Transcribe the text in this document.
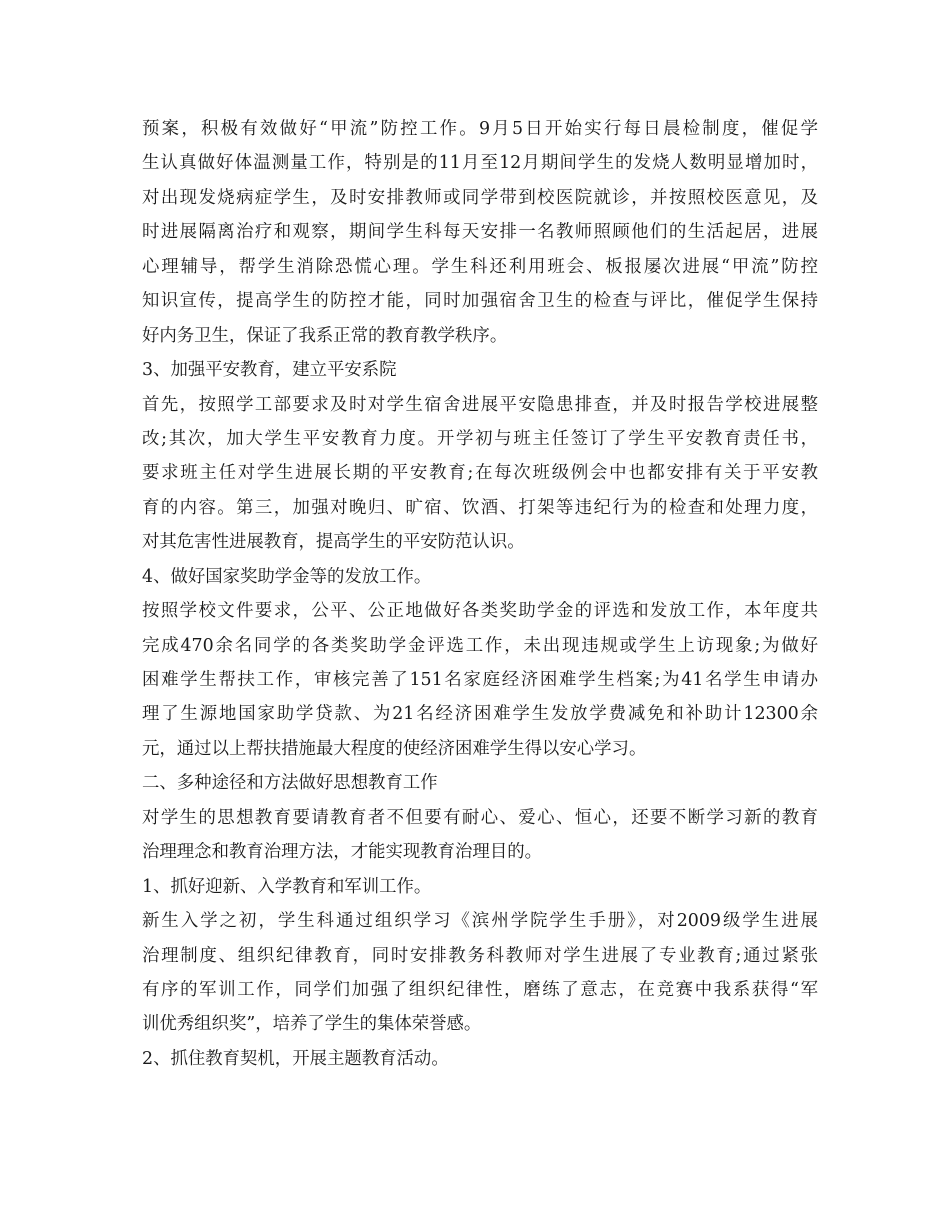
预案，积极有效做好“甲流”防控工作。9月5日开始实行每日晨检制度，催促学
生认真做好体温测量工作，特别是的11月至12月期间学生的发烧人数明显增加时，
对出现发烧病症学生，及时安排教师或同学带到校医院就诊，并按照校医意见，及
时进展隔离治疗和观察，期间学生科每天安排一名教师照顾他们的生活起居，进展
心理辅导，帮学生消除恐慌心理。学生科还利用班会、板报屡次进展“甲流”防控
知识宣传，提高学生的防控才能，同时加强宿舍卫生的检查与评比，催促学生保持
好内务卫生，保证了我系正常的教育教学秩序。
3、加强平安教育，建立平安系院
首先，按照学工部要求及时对学生宿舍进展平安隐患排查，并及时报告学校进展整
改;其次，加大学生平安教育力度。开学初与班主任签订了学生平安教育责任书，
要求班主任对学生进展长期的平安教育;在每次班级例会中也都安排有关于平安教
育的内容。第三，加强对晚归、旷宿、饮酒、打架等违纪行为的检查和处理力度，
对其危害性进展教育，提高学生的平安防范认识。
4、做好国家奖助学金等的发放工作。
按照学校文件要求，公平、公正地做好各类奖助学金的评选和发放工作，本年度共
完成470余名同学的各类奖助学金评选工作，未出现违规或学生上访现象;为做好
困难学生帮扶工作，审核完善了151名家庭经济困难学生档案;为41名学生申请办
理了生源地国家助学贷款、为21名经济困难学生发放学费减免和补助计12300余
元，通过以上帮扶措施最大程度的使经济困难学生得以安心学习。
二、多种途径和方法做好思想教育工作
对学生的思想教育要请教育者不但要有耐心、爱心、恒心，还要不断学习新的教育
治理理念和教育治理方法，才能实现教育治理目的。
1、抓好迎新、入学教育和军训工作。
新生入学之初，学生科通过组织学习《滨州学院学生手册》，对2009级学生进展
治理制度、组织纪律教育，同时安排教务科教师对学生进展了专业教育;通过紧张
有序的军训工作，同学们加强了组织纪律性，磨练了意志，在竞赛中我系获得“军
训优秀组织奖”，培养了学生的集体荣誉感。
2、抓住教育契机，开展主题教育活动。
